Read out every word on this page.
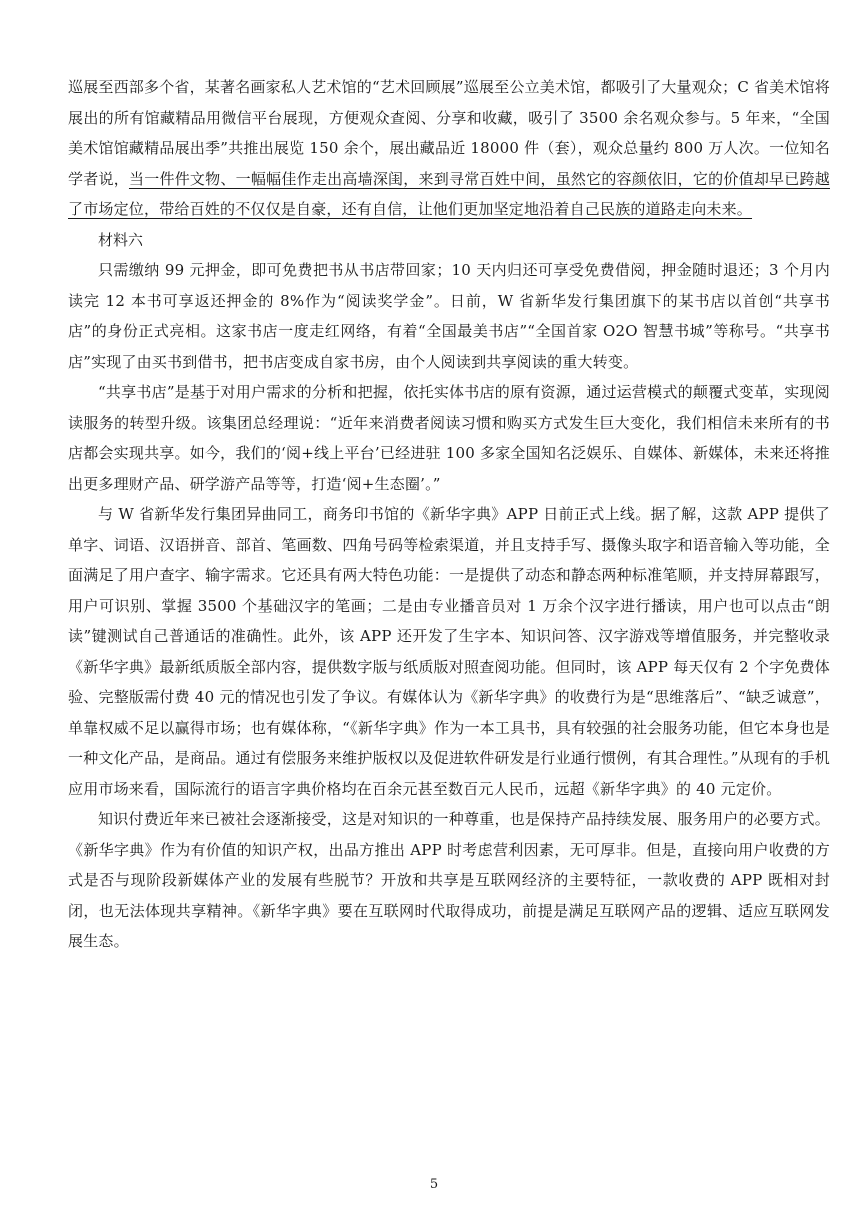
巡展至西部多个省，某著名画家私人艺术馆的“艺术回顾展”巡展至公立美术馆，都吸引了大量观众；C 省美术馆将展出的所有馆藏精品用微信平台展现，方便观众查阅、分享和收藏，吸引了 3500 余名观众参与。5 年来，“全国美术馆馆藏精品展出季”共推出展览 150 余个，展出藏品近 18000 件（套），观众总量约 800 万人次。一位知名学者说，当一件件文物、一幅幅佳作走出高墙深闺，来到寻常百姓中间，虽然它的容颜依旧，它的价值却早已跨越了市场定位，带给百姓的不仅仅是自豪，还有自信，让他们更加坚定地沿着自己民族的道路走向未来。

材料六

只需缴纳 99 元押金，即可免费把书从书店带回家；10 天内归还可享受免费借阅，押金随时退还；3 个月内读完 12 本书可享返还押金的 8%作为“阅读奖学金”。日前，W 省新华发行集团旗下的某书店以首创“共享书店”的身份正式亮相。这家书店一度走红网络，有着“全国最美书店”“全国首家 O2O 智慧书城”等称号。“共享书店”实现了由买书到借书，把书店变成自家书房，由个人阅读到共享阅读的重大转变。

“共享书店”是基于对用户需求的分析和把握，依托实体书店的原有资源，通过运营模式的颠覆式变革，实现阅读服务的转型升级。该集团总经理说：“近年来消费者阅读习惯和购买方式发生巨大变化，我们相信未来所有的书店都会实现共享。如今，我们的‘阅+线上平台’已经进驻 100 多家全国知名泛娱乐、自媒体、新媒体，未来还将推出更多理财产品、研学游产品等等，打造‘阅+生态圈’。”

与 W 省新华发行集团异曲同工，商务印书馆的《新华字典》APP 日前正式上线。据了解，这款 APP 提供了单字、词语、汉语拼音、部首、笔画数、四角号码等检索渠道，并且支持手写、摄像头取字和语音输入等功能，全面满足了用户查字、输字需求。它还具有两大特色功能：一是提供了动态和静态两种标准笔顺，并支持屏幕跟写，用户可识别、掌握 3500 个基础汉字的笔画；二是由专业播音员对 1 万余个汉字进行播读，用户也可以点击“朗读”键测试自己普通话的准确性。此外，该 APP 还开发了生字本、知识问答、汉字游戏等增值服务，并完整收录《新华字典》最新纸质版全部内容，提供数字版与纸质版对照查阅功能。但同时，该 APP 每天仅有 2 个字免费体验、完整版需付费 40 元的情况也引发了争议。有媒体认为《新华字典》的收费行为是“思维落后”、“缺乏诚意”，单靠权威不足以赢得市场；也有媒体称，“《新华字典》作为一本工具书，具有较强的社会服务功能，但它本身也是一种文化产品，是商品。通过有偿服务来维护版权以及促进软件研发是行业通行惯例，有其合理性。”从现有的手机应用市场来看，国际流行的语言字典价格均在百余元甚至数百元人民币，远超《新华字典》的 40 元定价。

知识付费近年来已被社会逐渐接受，这是对知识的一种尊重，也是保持产品持续发展、服务用户的必要方式。《新华字典》作为有价值的知识产权，出品方推出 APP 时考虑营利因素，无可厚非。但是，直接向用户收费的方式是否与现阶段新媒体产业的发展有些脱节？开放和共享是互联网经济的主要特征，一款收费的 APP 既相对封闭，也无法体现共享精神。《新华字典》要在互联网时代取得成功，前提是满足互联网产品的逻辑、适应互联网发展生态。

5
